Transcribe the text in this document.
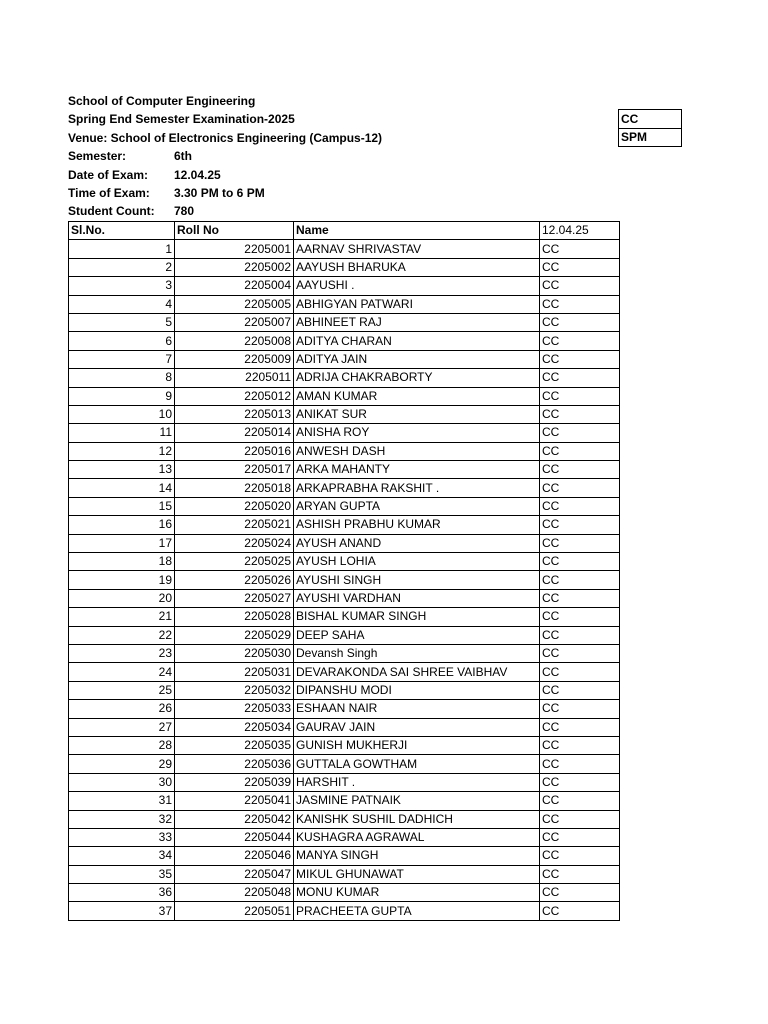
School of Computer Engineering
Spring End Semester Examination-2025
Venue: School of Electronics Engineering (Campus-12)
Semester:	6th
Date of Exam:	12.04.25
Time of Exam:	3.30 PM to 6 PM
Student Count:	780

CC
SPM
Sl.No.	Roll No	Name	12.04.25
1	2205001	AARNAV SHRIVASTAV	CC
2	2205002	AAYUSH BHARUKA	CC
3	2205004	AAYUSHI .	CC
4	2205005	ABHIGYAN PATWARI	CC
5	2205007	ABHINEET RAJ	CC
6	2205008	ADITYA CHARAN	CC
7	2205009	ADITYA JAIN	CC
8	2205011	ADRIJA CHAKRABORTY	CC
9	2205012	AMAN KUMAR	CC
10	2205013	ANIKAT SUR	CC
11	2205014	ANISHA ROY	CC
12	2205016	ANWESH DASH	CC
13	2205017	ARKA MAHANTY	CC
14	2205018	ARKAPRABHA RAKSHIT .	CC
15	2205020	ARYAN GUPTA	CC
16	2205021	ASHISH PRABHU KUMAR	CC
17	2205024	AYUSH ANAND	CC
18	2205025	AYUSH LOHIA	CC
19	2205026	AYUSHI SINGH	CC
20	2205027	AYUSHI VARDHAN	CC
21	2205028	BISHAL KUMAR SINGH	CC
22	2205029	DEEP SAHA	CC
23	2205030	Devansh Singh	CC
24	2205031	DEVARAKONDA SAI SHREE VAIBHAV	CC
25	2205032	DIPANSHU MODI	CC
26	2205033	ESHAAN NAIR	CC
27	2205034	GAURAV JAIN	CC
28	2205035	GUNISH MUKHERJI	CC
29	2205036	GUTTALA GOWTHAM	CC
30	2205039	HARSHIT .	CC
31	2205041	JASMINE PATNAIK	CC
32	2205042	KANISHK SUSHIL DADHICH	CC
33	2205044	KUSHAGRA AGRAWAL	CC
34	2205046	MANYA SINGH	CC
35	2205047	MIKUL GHUNAWAT	CC
36	2205048	MONU KUMAR	CC
37	2205051	PRACHEETA GUPTA	CC
